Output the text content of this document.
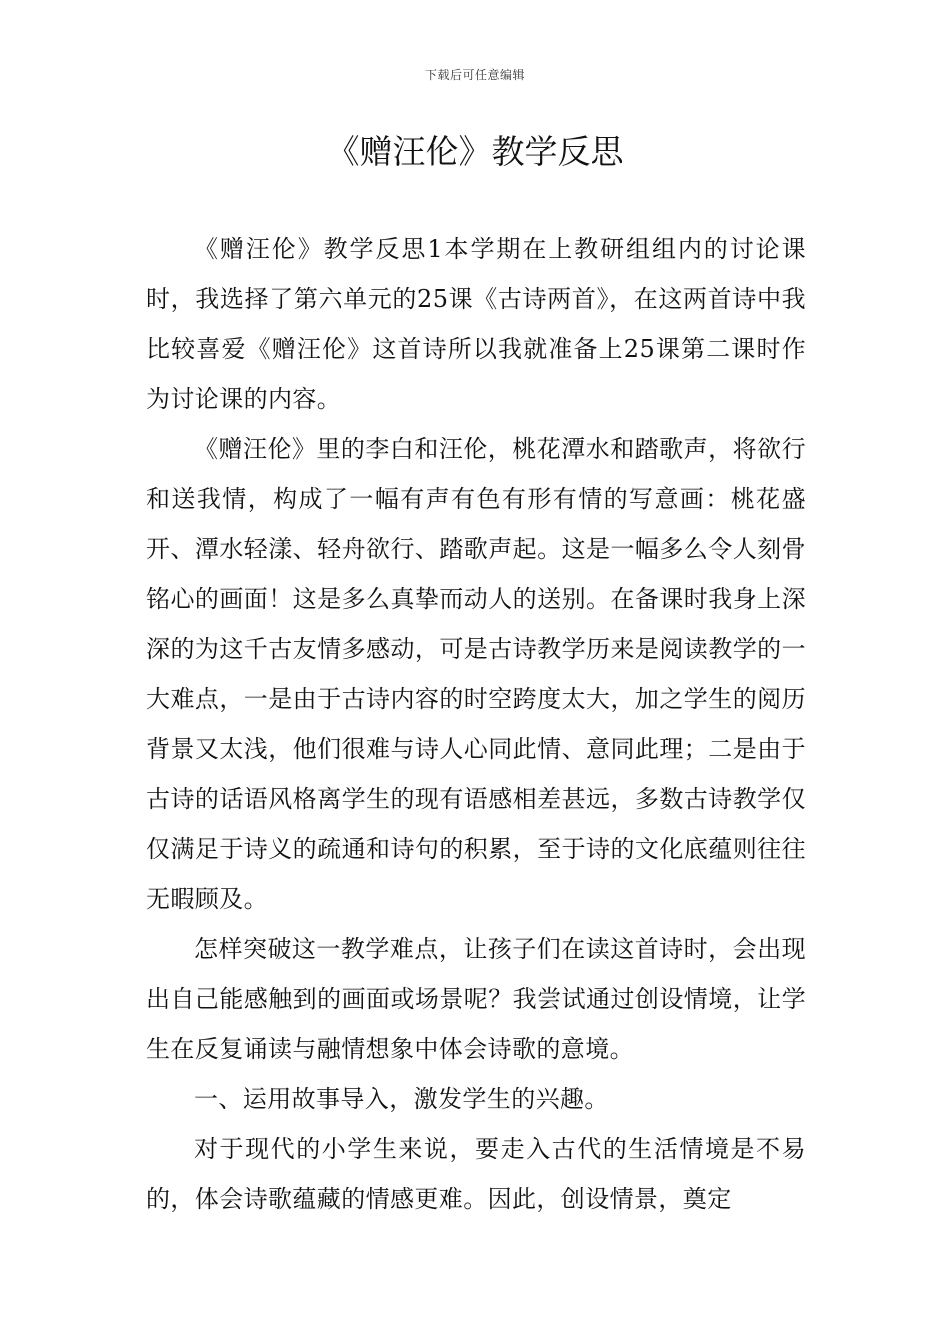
下载后可任意编辑
《赠汪伦》教学反思

《赠汪伦》教学反思1本学期在上教研组组内的讨论课时，我选择了第六单元的25课《古诗两首》，在这两首诗中我比较喜爱《赠汪伦》这首诗所以我就准备上25课第二课时作为讨论课的内容。

《赠汪伦》里的李白和汪伦，桃花潭水和踏歌声，将欲行和送我情，构成了一幅有声有色有形有情的写意画：桃花盛开、潭水轻漾、轻舟欲行、踏歌声起。这是一幅多么令人刻骨铭心的画面！这是多么真挚而动人的送别。在备课时我身上深深的为这千古友情多感动，可是古诗教学历来是阅读教学的一大难点，一是由于古诗内容的时空跨度太大，加之学生的阅历背景又太浅，他们很难与诗人心同此情、意同此理；二是由于古诗的话语风格离学生的现有语感相差甚远，多数古诗教学仅仅满足于诗义的疏通和诗句的积累，至于诗的文化底蕴则往往无暇顾及。

怎样突破这一教学难点，让孩子们在读这首诗时，会出现出自己能感触到的画面或场景呢？我尝试通过创设情境，让学生在反复诵读与融情想象中体会诗歌的意境。

一、运用故事导入，激发学生的兴趣。

对于现代的小学生来说，要走入古代的生活情境是不易的，体会诗歌蕴藏的情感更难。因此，创设情景，奠定
